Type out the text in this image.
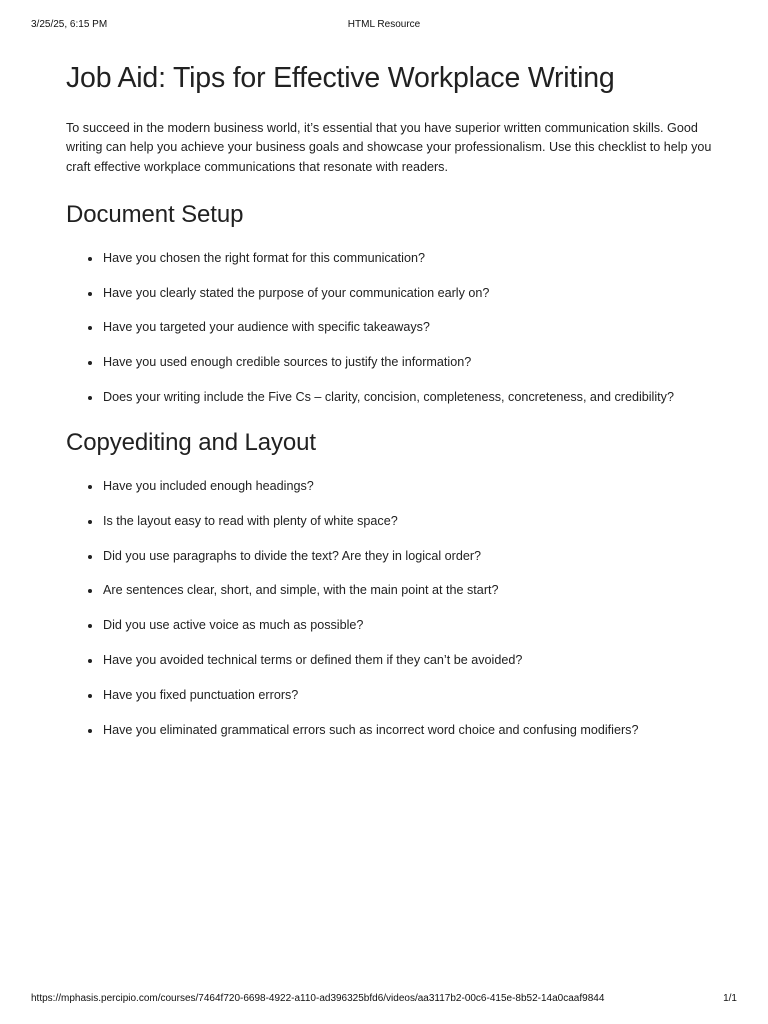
3/25/25, 6:15 PM	HTML Resource
Job Aid: Tips for Effective Workplace Writing

To succeed in the modern business world, it’s essential that you have superior written communication skills. Good writing can help you achieve your business goals and showcase your professionalism. Use this checklist to help you craft effective workplace communications that resonate with readers.

Document Setup
Have you chosen the right format for this communication?
Have you clearly stated the purpose of your communication early on?
Have you targeted your audience with specific takeaways?
Have you used enough credible sources to justify the information?
Does your writing include the Five Cs – clarity, concision, completeness, concreteness, and credibility?
Copyediting and Layout
Have you included enough headings?
Is the layout easy to read with plenty of white space?
Did you use paragraphs to divide the text? Are they in logical order?
Are sentences clear, short, and simple, with the main point at the start?
Did you use active voice as much as possible?
Have you avoided technical terms or defined them if they can’t be avoided?
Have you fixed punctuation errors?
Have you eliminated grammatical errors such as incorrect word choice and confusing modifiers?
https://mphasis.percipio.com/courses/7464f720-6698-4922-a110-ad396325bfd6/videos/aa3117b2-00c6-415e-8b52-14a0caaf9844	1/1
